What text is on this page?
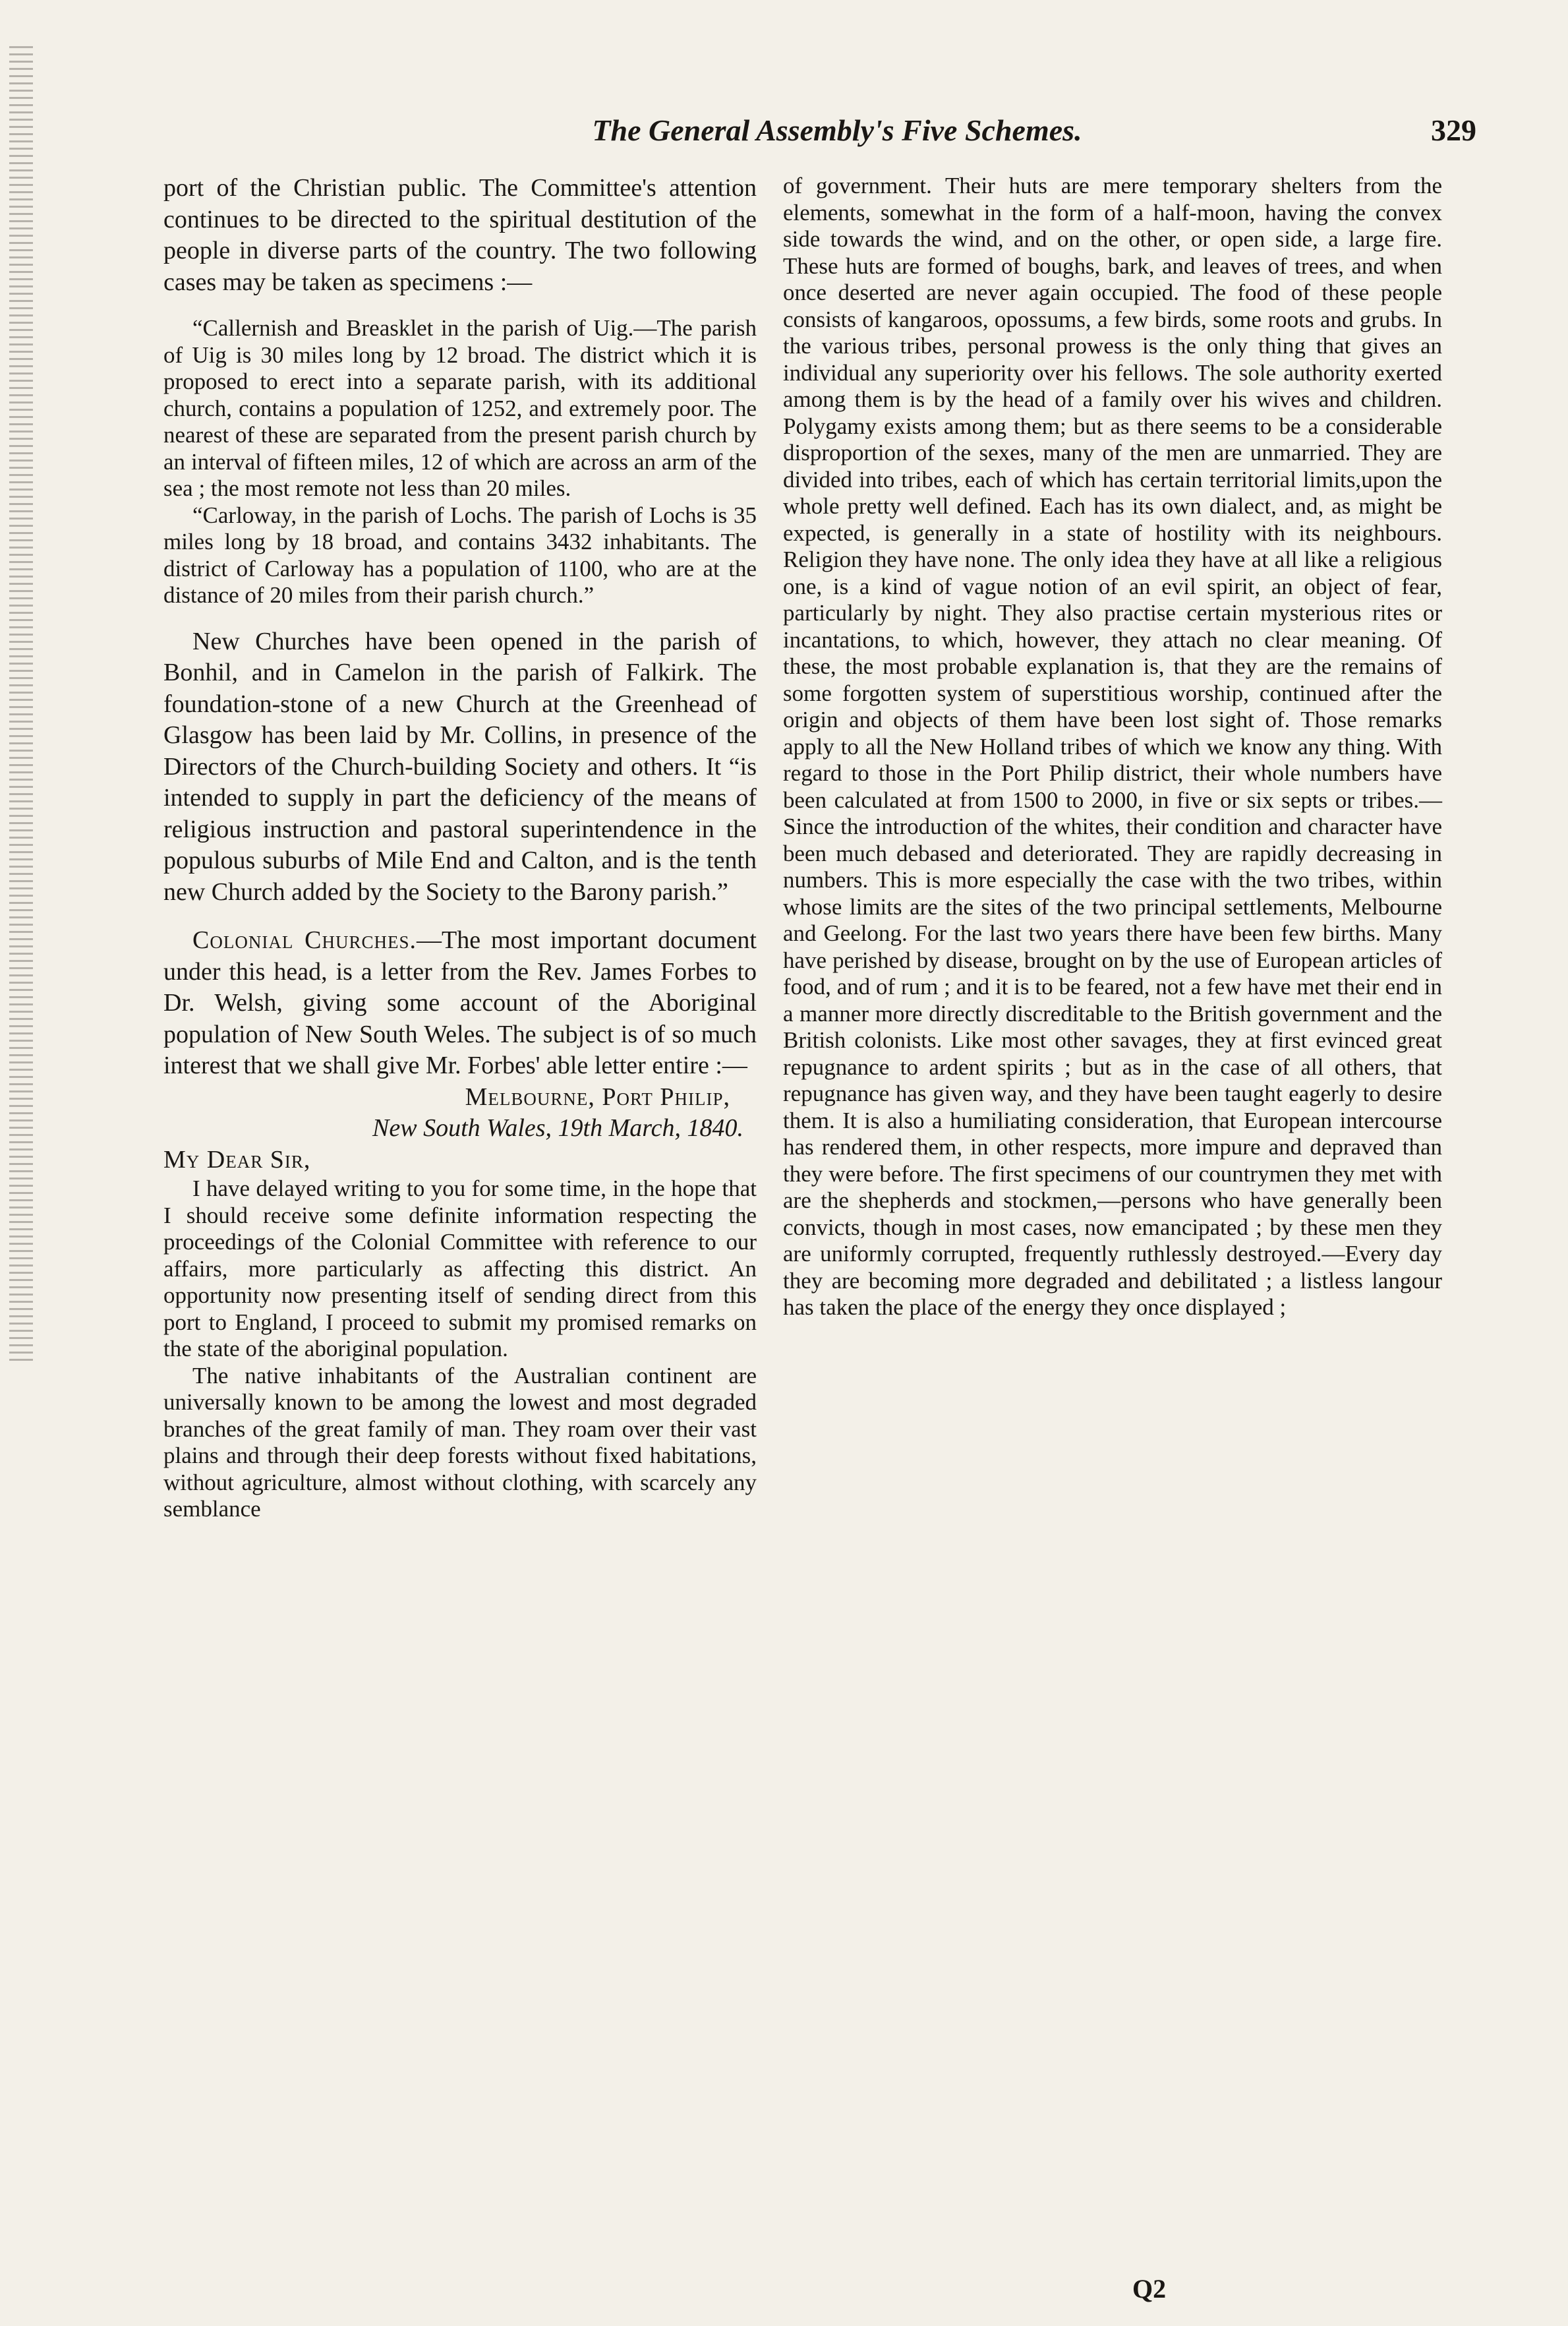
The General Assembly's Five Schemes.	329

port of the Christian public. The Committee's attention continues to be directed to the spiritual destitution of the people in diverse parts of the country. The two following cases may be taken as specimens :—

“Callernish and Breasklet in the parish of Uig.—The parish of Uig is 30 miles long by 12 broad. The district which it is proposed to erect into a separate parish, with its additional church, contains a population of 1252, and extremely poor. The nearest of these are separated from the present parish church by an interval of fifteen miles, 12 of which are across an arm of the sea ; the most remote not less than 20 miles.

“Carloway, in the parish of Lochs. The parish of Lochs is 35 miles long by 18 broad, and contains 3432 inhabitants. The district of Carloway has a population of 1100, who are at the distance of 20 miles from their parish church.”

New Churches have been opened in the parish of Bonhil, and in Camelon in the parish of Falkirk. The foundation-stone of a new Church at the Greenhead of Glasgow has been laid by Mr. Collins, in presence of the Directors of the Church-building Society and others. It “is intended to supply in part the deficiency of the means of religious instruction and pastoral superintendence in the populous suburbs of Mile End and Calton, and is the tenth new Church added by the Society to the Barony parish.”

Colonial Churches.—The most important document under this head, is a letter from the Rev. James Forbes to Dr. Welsh, giving some account of the Aboriginal population of New South Weles. The subject is of so much interest that we shall give Mr. Forbes' able letter entire :—

Melbourne, Port Philip,

New South Wales, 19th March, 1840.

My Dear Sir,

I have delayed writing to you for some time, in the hope that I should receive some definite information respecting the proceedings of the Colonial Committee with reference to our affairs, more particularly as affecting this district. An opportunity now presenting itself of sending direct from this port to England, I proceed to submit my promised remarks on the state of the aboriginal population.

The native inhabitants of the Australian continent are universally known to be among the lowest and most degraded branches of the great family of man. They roam over their vast plains and through their deep forests without fixed habitations, without agriculture, almost without clothing, with scarcely any semblance

of government. Their huts are mere temporary shelters from the elements, somewhat in the form of a half-moon, having the convex side towards the wind, and on the other, or open side, a large fire. These huts are formed of boughs, bark, and leaves of trees, and when once deserted are never again occupied. The food of these people consists of kangaroos, opossums, a few birds, some roots and grubs. In the various tribes, personal prowess is the only thing that gives an individual any superiority over his fellows. The sole authority exerted among them is by the head of a family over his wives and children. Polygamy exists among them; but as there seems to be a considerable disproportion of the sexes, many of the men are unmarried. They are divided into tribes, each of which has certain territorial limits,upon the whole pretty well defined. Each has its own dialect, and, as might be expected, is generally in a state of hostility with its neighbours. Religion they have none. The only idea they have at all like a religious one, is a kind of vague notion of an evil spirit, an object of fear, particularly by night. They also practise certain mysterious rites or incantations, to which, however, they attach no clear meaning. Of these, the most probable explanation is, that they are the remains of some forgotten system of superstitious worship, continued after the origin and objects of them have been lost sight of. Those remarks apply to all the New Holland tribes of which we know any thing. With regard to those in the Port Philip district, their whole numbers have been calculated at from 1500 to 2000, in five or six septs or tribes.—Since the introduction of the whites, their condition and character have been much debased and deteriorated. They are rapidly decreasing in numbers. This is more especially the case with the two tribes, within whose limits are the sites of the two principal settlements, Melbourne and Geelong. For the last two years there have been few births. Many have perished by disease, brought on by the use of European articles of food, and of rum ; and it is to be feared, not a few have met their end in a manner more directly discreditable to the British government and the British colonists. Like most other savages, they at first evinced great repugnance to ardent spirits ; but as in the case of all others, that repugnance has given way, and they have been taught eagerly to desire them. It is also a humiliating consideration, that European intercourse has rendered them, in other respects, more impure and depraved than they were before. The first specimens of our countrymen they met with are the shepherds and stockmen,—persons who have generally been convicts, though in most cases, now emancipated ; by these men they are uniformly corrupted, frequently ruthlessly destroyed.—Every day they are becoming more degraded and debilitated ; a listless langour has taken the place of the energy they once displayed ;

Q2
